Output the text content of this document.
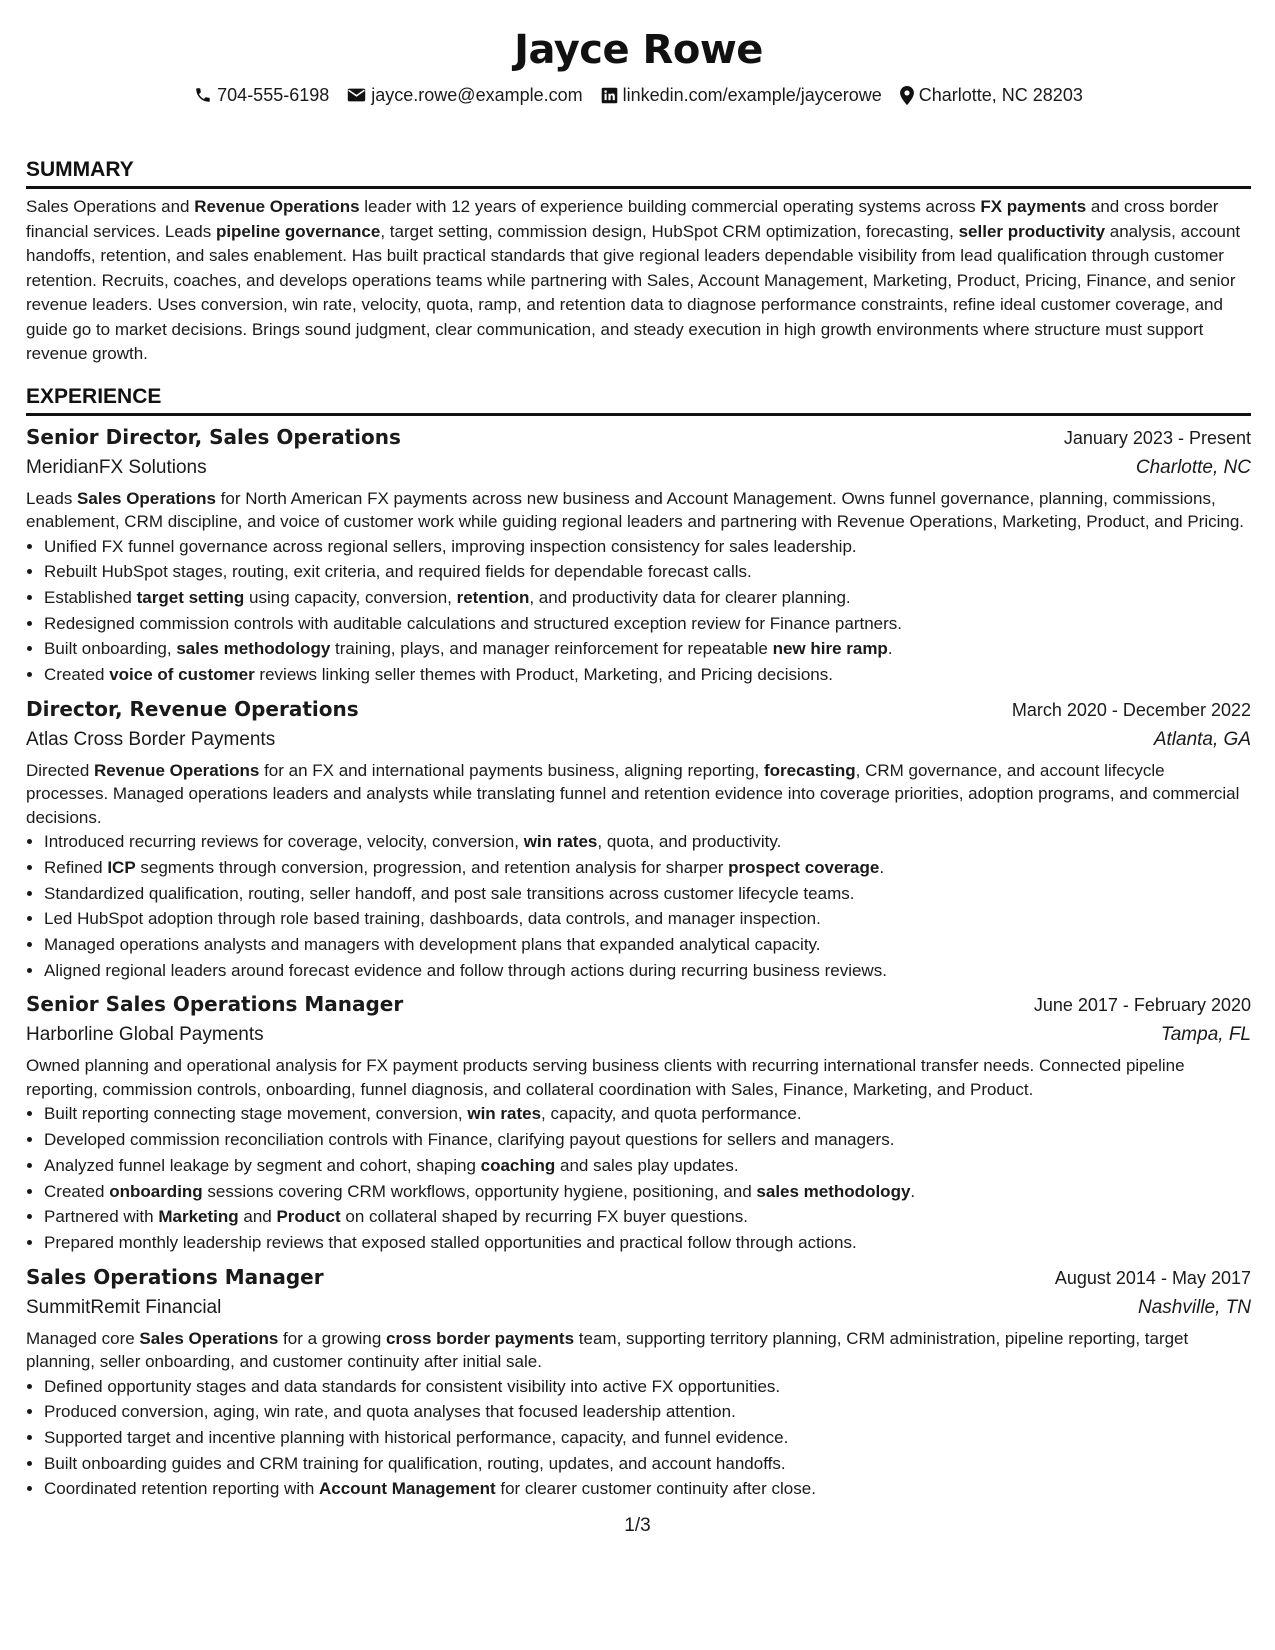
Jayce Rowe
704-555-6198 jayce.rowe@example.com linkedin.com/example/jaycerowe Charlotte, NC 28203
SUMMARY
Sales Operations and Revenue Operations leader with 12 years of experience building commercial operating systems across FX payments and cross border financial services. Leads pipeline governance, target setting, commission design, HubSpot CRM optimization, forecasting, seller productivity analysis, account handoffs, retention, and sales enablement. Has built practical standards that give regional leaders dependable visibility from lead qualification through customer retention. Recruits, coaches, and develops operations teams while partnering with Sales, Account Management, Marketing, Product, Pricing, Finance, and senior revenue leaders. Uses conversion, win rate, velocity, quota, ramp, and retention data to diagnose performance constraints, refine ideal customer coverage, and guide go to market decisions. Brings sound judgment, clear communication, and steady execution in high growth environments where structure must support revenue growth.
EXPERIENCE
Senior Director, Sales Operations	January 2023 - Present
MeridianFX Solutions	Charlotte, NC
Leads Sales Operations for North American FX payments across new business and Account Management. Owns funnel governance, planning, commissions, enablement, CRM discipline, and voice of customer work while guiding regional leaders and partnering with Revenue Operations, Marketing, Product, and Pricing.
• Unified FX funnel governance across regional sellers, improving inspection consistency for sales leadership.
• Rebuilt HubSpot stages, routing, exit criteria, and required fields for dependable forecast calls.
• Established target setting using capacity, conversion, retention, and productivity data for clearer planning.
• Redesigned commission controls with auditable calculations and structured exception review for Finance partners.
• Built onboarding, sales methodology training, plays, and manager reinforcement for repeatable new hire ramp.
• Created voice of customer reviews linking seller themes with Product, Marketing, and Pricing decisions.
Director, Revenue Operations	March 2020 - December 2022
Atlas Cross Border Payments	Atlanta, GA
Directed Revenue Operations for an FX and international payments business, aligning reporting, forecasting, CRM governance, and account lifecycle processes. Managed operations leaders and analysts while translating funnel and retention evidence into coverage priorities, adoption programs, and commercial decisions.
• Introduced recurring reviews for coverage, velocity, conversion, win rates, quota, and productivity.
• Refined ICP segments through conversion, progression, and retention analysis for sharper prospect coverage.
• Standardized qualification, routing, seller handoff, and post sale transitions across customer lifecycle teams.
• Led HubSpot adoption through role based training, dashboards, data controls, and manager inspection.
• Managed operations analysts and managers with development plans that expanded analytical capacity.
• Aligned regional leaders around forecast evidence and follow through actions during recurring business reviews.
Senior Sales Operations Manager	June 2017 - February 2020
Harborline Global Payments	Tampa, FL
Owned planning and operational analysis for FX payment products serving business clients with recurring international transfer needs. Connected pipeline reporting, commission controls, onboarding, funnel diagnosis, and collateral coordination with Sales, Finance, Marketing, and Product.
• Built reporting connecting stage movement, conversion, win rates, capacity, and quota performance.
• Developed commission reconciliation controls with Finance, clarifying payout questions for sellers and managers.
• Analyzed funnel leakage by segment and cohort, shaping coaching and sales play updates.
• Created onboarding sessions covering CRM workflows, opportunity hygiene, positioning, and sales methodology.
• Partnered with Marketing and Product on collateral shaped by recurring FX buyer questions.
• Prepared monthly leadership reviews that exposed stalled opportunities and practical follow through actions.
Sales Operations Manager	August 2014 - May 2017
SummitRemit Financial	Nashville, TN
Managed core Sales Operations for a growing cross border payments team, supporting territory planning, CRM administration, pipeline reporting, target planning, seller onboarding, and customer continuity after initial sale.
• Defined opportunity stages and data standards for consistent visibility into active FX opportunities.
• Produced conversion, aging, win rate, and quota analyses that focused leadership attention.
• Supported target and incentive planning with historical performance, capacity, and funnel evidence.
• Built onboarding guides and CRM training for qualification, routing, updates, and account handoffs.
• Coordinated retention reporting with Account Management for clearer customer continuity after close.
1/3
